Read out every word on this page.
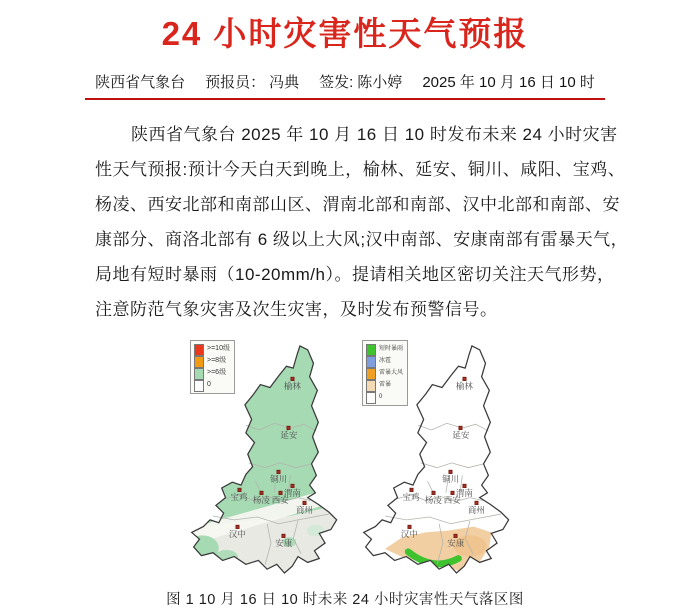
24 小时灾害性天气预报
陕西省气象台 预报员： 冯典 签发: 陈小婷 2025 年 10 月 16 日 10 时
陕西省气象台 2025 年 10 月 16 日 10 时发布未来 24 小时灾害
性天气预报:预计今天白天到晚上，榆林、延安、铜川、咸阳、宝鸡、
杨凌、西安北部和南部山区、渭南北部和南部、汉中北部和南部、安
康部分、商洛北部有 6 级以上大风;汉中南部、安康南部有雷暴天气，
局地有短时暴雨（10-20mm/h）。提请相关地区密切关注天气形势，
注意防范气象灾害及次生灾害，及时发布预警信号。
>=10级
>=8级
>=6级
0	榆林
延安
铜川
渭南
西安
杨凌
宝鸡
商州
汉中
安康
短时暴雨
冰雹
雷暴大风
雷暴
0
榆林
延安
铜川
渭南
西安
杨凌
宝鸡
商州
汉中
安康
图 1 10 月 16 日 10 时未来 24 小时灾害性天气落区图
